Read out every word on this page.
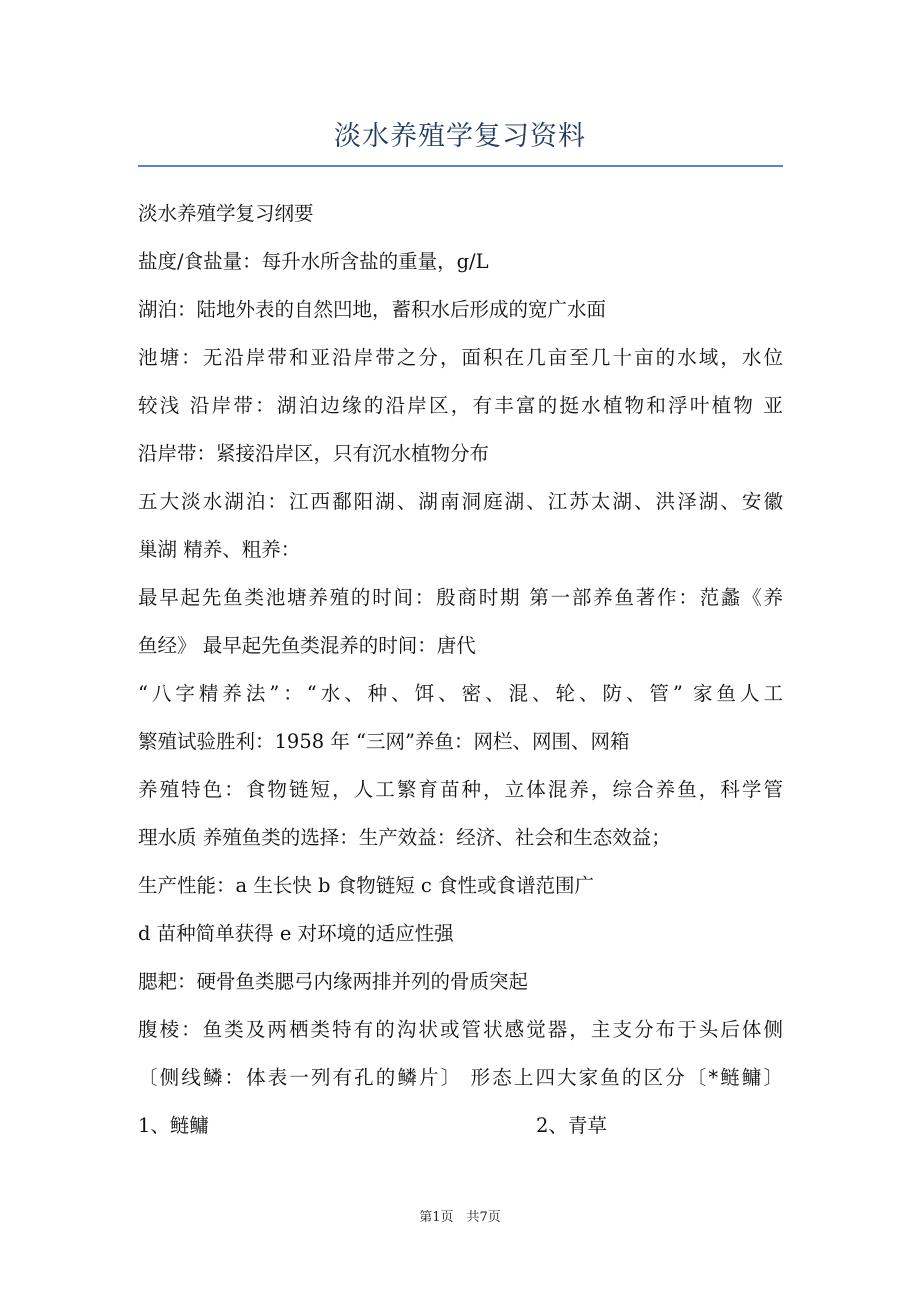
淡水养殖学复习资料
淡水养殖学复习纲要
盐度/食盐量：每升水所含盐的重量，g/L
湖泊：陆地外表的自然凹地，蓄积水后形成的宽广水面
池塘：无沿岸带和亚沿岸带之分，面积在几亩至几十亩的水域，水位
较浅 沿岸带：湖泊边缘的沿岸区，有丰富的挺水植物和浮叶植物 亚
沿岸带：紧接沿岸区，只有沉水植物分布
五大淡水湖泊：江西鄱阳湖、湖南洞庭湖、江苏太湖、洪泽湖、安徽
巢湖 精养、粗养：
最早起先鱼类池塘养殖的时间：殷商时期 第一部养鱼著作：范蠡《养
鱼经》 最早起先鱼类混养的时间：唐代
“八字精养法”：“水、种、饵、密、混、轮、防、管” 家鱼人工
繁殖试验胜利：1958 年 “三网”养鱼：网栏、网围、网箱
养殖特色：食物链短，人工繁育苗种，立体混养，综合养鱼，科学管
理水质 养殖鱼类的选择：生产效益：经济、社会和生态效益；
生产性能：a 生长快 b 食物链短 c 食性或食谱范围广
d 苗种简单获得 e 对环境的适应性强
腮耙：硬骨鱼类腮弓内缘两排并列的骨质突起
腹棱：鱼类及两栖类特有的沟状或管状感觉器，主支分布于头后体侧
〔侧线鳞：体表一列有孔的鳞片〕 形态上四大家鱼的区分〔*鲢鳙〕
1、鲢鳙	2、青草
第1页　共7页
